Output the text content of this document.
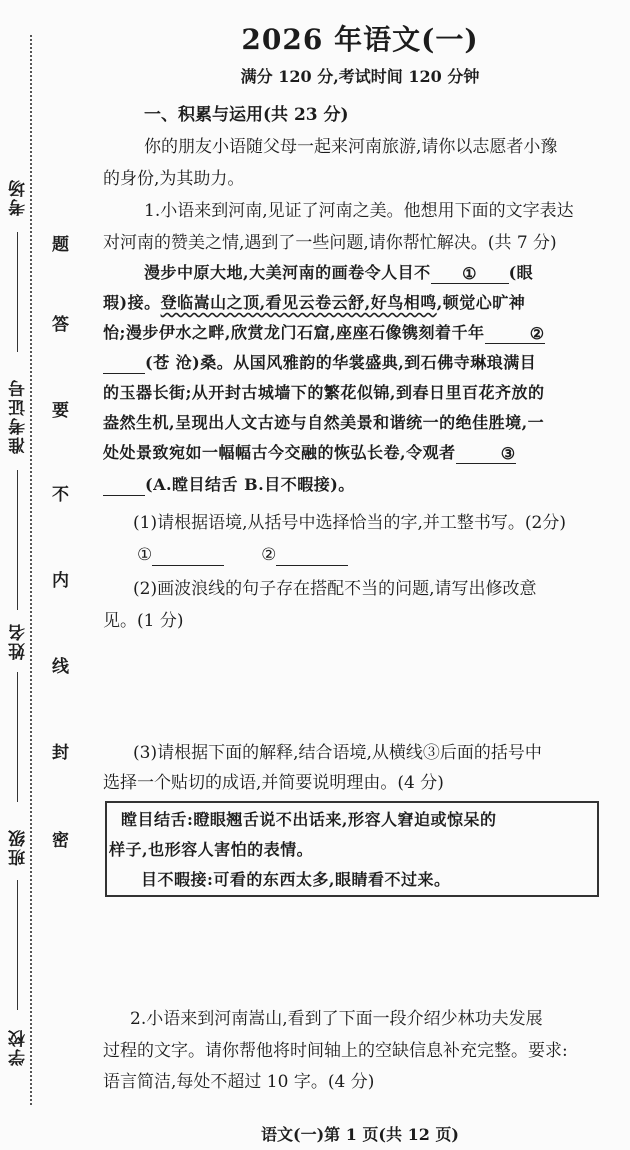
考场
准考证号
姓名
班级
学校
题
答
要
不
内
线
封
密
2026 年语文(一)
满分 120 分,考试时间 120 分钟
一、积累与运用(共 23 分)
你的朋友小语随父母一起来河南旅游,请你以志愿者小豫
的身份,为其助力。
1.小语来到河南,见证了河南之美。他想用下面的文字表达
对河南的赞美之情,遇到了一些问题,请你帮忙解决。(共 7 分)
漫步中原大地,大美河南的画卷令人目不 ① (眼
瑕)接。登临嵩山之顶,看见云卷云舒,好鸟相鸣,顿觉心旷神
怡;漫步伊水之畔,欣赏龙门石窟,座座石像镌刻着千年	②
(苍 沧)桑。从国风雅韵的华裳盛典,到石佛寺琳琅满目
的玉器长街;从开封古城墙下的繁花似锦,到春日里百花齐放的
盎然生机,呈现出人文古迹与自然美景和谐统一的绝佳胜境,一
处处景致宛如一幅幅古今交融的恢弘长卷,令观者	③
(A.瞠目结舌 B.目不暇接)。
(1)请根据语境,从括号中选择恰当的字,并工整书写。(2分)
①	②
(2)画波浪线的句子存在搭配不当的问题,请写出修改意
见。(1 分)
(3)请根据下面的解释,结合语境,从横线③后面的括号中
选择一个贴切的成语,并简要说明理由。(4 分)
瞠目结舌:瞪眼翘舌说不出话来,形容人窘迫或惊呆的
样子,也形容人害怕的表情。
目不暇接:可看的东西太多,眼睛看不过来。
2.小语来到河南嵩山,看到了下面一段介绍少林功夫发展
过程的文字。请你帮他将时间轴上的空缺信息补充完整。要求:
语言简洁,每处不超过 10 字。(4 分)
语文(一)第 1 页(共 12 页)
